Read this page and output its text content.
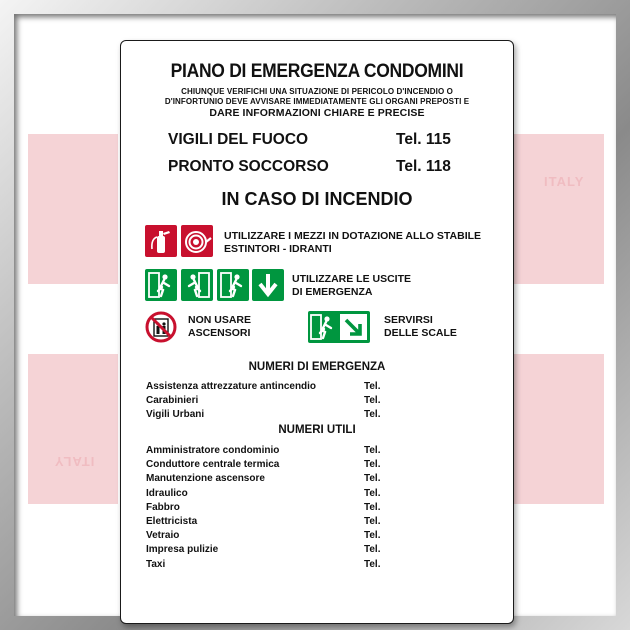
ITALY
ITALY
PIANO DI EMERGENZA CONDOMINI
CHIUNQUE VERIFICHI UNA SITUAZIONE DI PERICOLO D'INCENDIO O
D'INFORTUNIO DEVE AVVISARE IMMEDIATAMENTE GLI ORGANI PREPOSTI E
DARE INFORMAZIONI CHIARE E PRECISE
VIGILI DEL FUOCO	Tel. 115
PRONTO SOCCORSO	Tel. 118
IN CASO DI INCENDIO
UTILIZZARE I MEZZI IN DOTAZIONE ALLO STABILE
ESTINTORI - IDRANTI
UTILIZZARE LE USCITE
DI EMERGENZA
NON USARE
ASCENSORI
SERVIRSI
DELLE SCALE
NUMERI DI EMERGENZA
Assistenza attrezzature antincendio	Tel.
Carabinieri	Tel.
Vigili Urbani	Tel.
NUMERI UTILI
Amministratore condominio	Tel.
Conduttore centrale termica	Tel.
Manutenzione ascensore	Tel.
Idraulico	Tel.
Fabbro	Tel.
Elettricista	Tel.
Vetraio	Tel.
Impresa pulizie	Tel.
Taxi	Tel.
